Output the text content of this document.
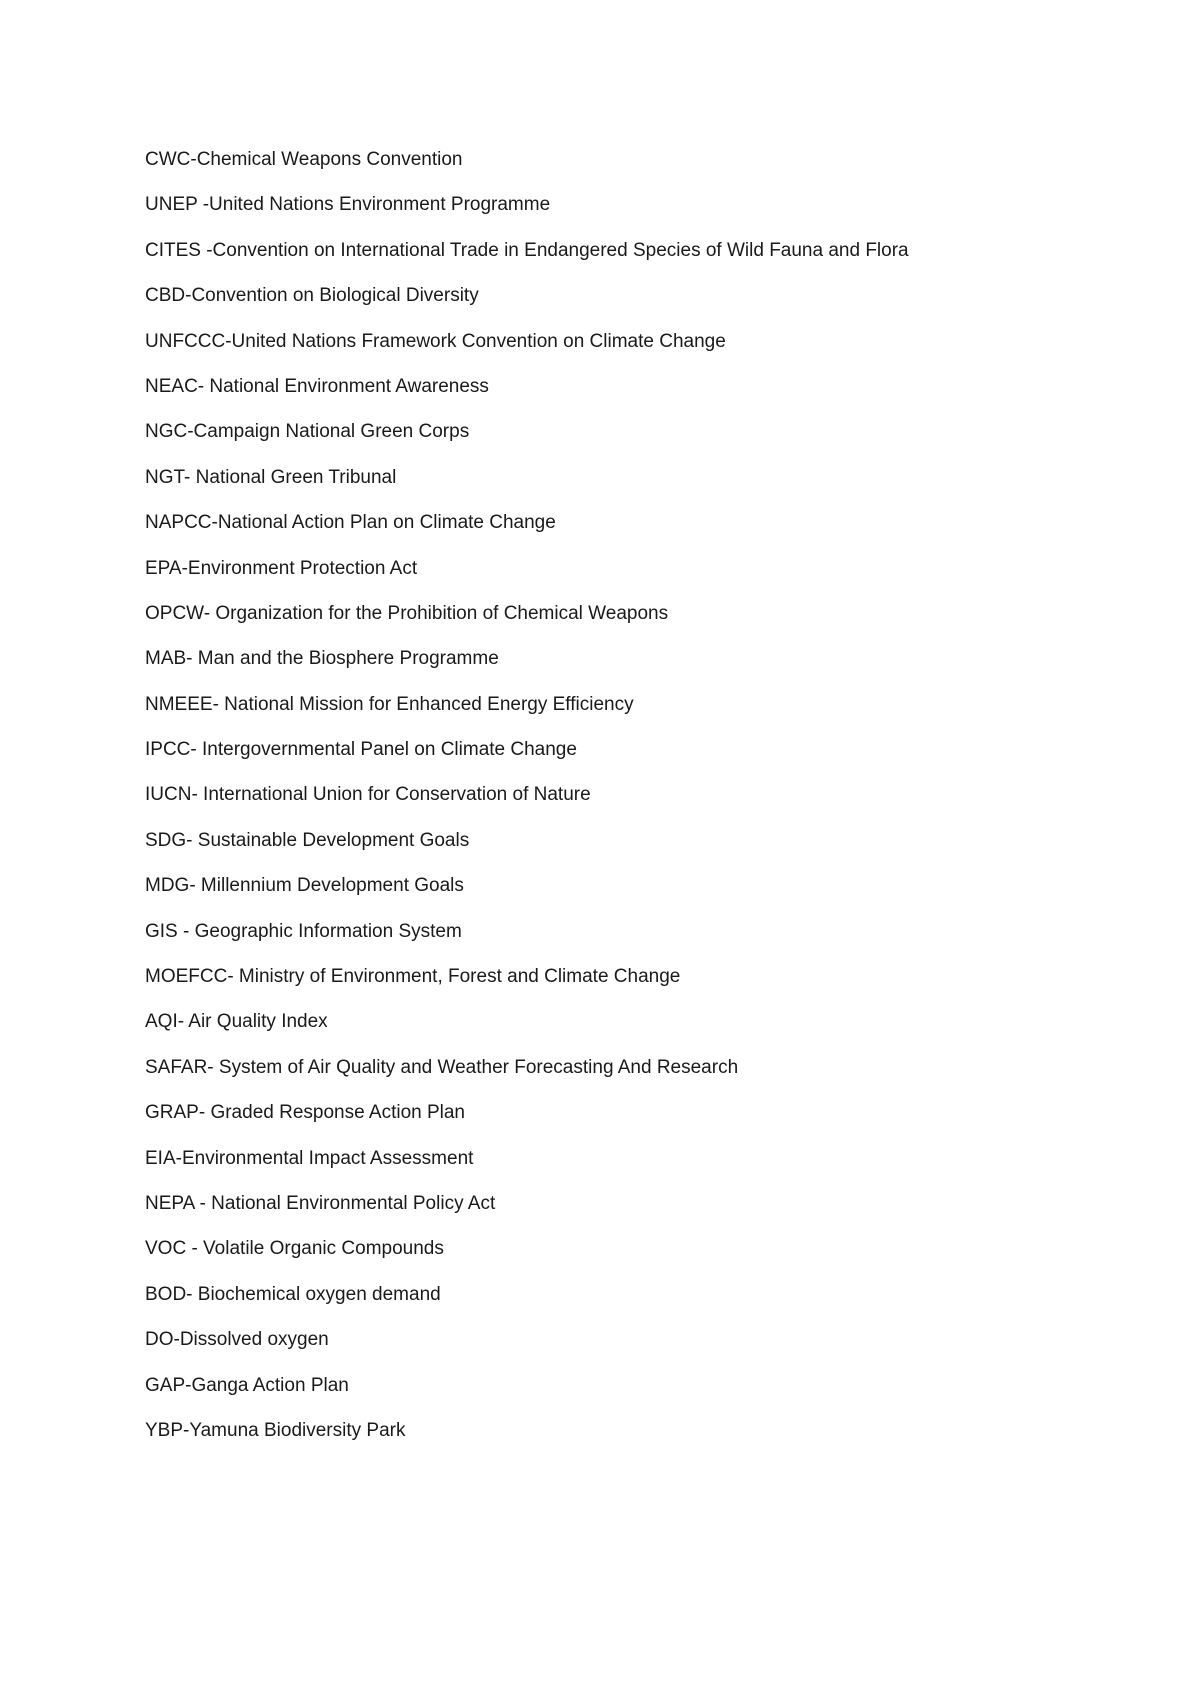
CWC-Chemical Weapons Convention
UNEP -United Nations Environment Programme
CITES -Convention on International Trade in Endangered Species of Wild Fauna and Flora
CBD-Convention on Biological Diversity
UNFCCC-United Nations Framework Convention on Climate Change
NEAC- National Environment Awareness
NGC-Campaign National Green Corps
NGT- National Green Tribunal
NAPCC-National Action Plan on Climate Change
EPA-Environment Protection Act
OPCW- Organization for the Prohibition of Chemical Weapons
MAB- Man and the Biosphere Programme
NMEEE- National Mission for Enhanced Energy Efficiency
IPCC- Intergovernmental Panel on Climate Change
IUCN- International Union for Conservation of Nature
SDG- Sustainable Development Goals
MDG- Millennium Development Goals
GIS - Geographic Information System
MOEFCC- Ministry of Environment, Forest and Climate Change
AQI- Air Quality Index
SAFAR- System of Air Quality and Weather Forecasting And Research
GRAP- Graded Response Action Plan
EIA-Environmental Impact Assessment
NEPA - National Environmental Policy Act
VOC - Volatile Organic Compounds
BOD- Biochemical oxygen demand
DO-Dissolved oxygen
GAP-Ganga Action Plan
YBP-Yamuna Biodiversity Park
